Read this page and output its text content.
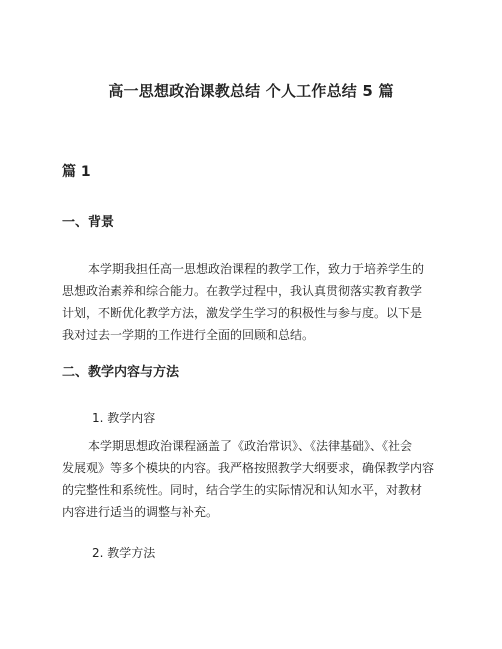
高一思想政治课教总结 个人工作总结 5 篇
篇 1
一、背景
本学期我担任高一思想政治课程的教学工作，致力于培养学生的
思想政治素养和综合能力。在教学过程中，我认真贯彻落实教育教学
计划，不断优化教学方法，激发学生学习的积极性与参与度。以下是
我对过去一学期的工作进行全面的回顾和总结。
二、教学内容与方法
1. 教学内容
本学期思想政治课程涵盖了《政治常识》、《法律基础》、《社会
发展观》等多个模块的内容。我严格按照教学大纲要求，确保教学内容
的完整性和系统性。同时，结合学生的实际情况和认知水平，对教材
内容进行适当的调整与补充。
2. 教学方法
